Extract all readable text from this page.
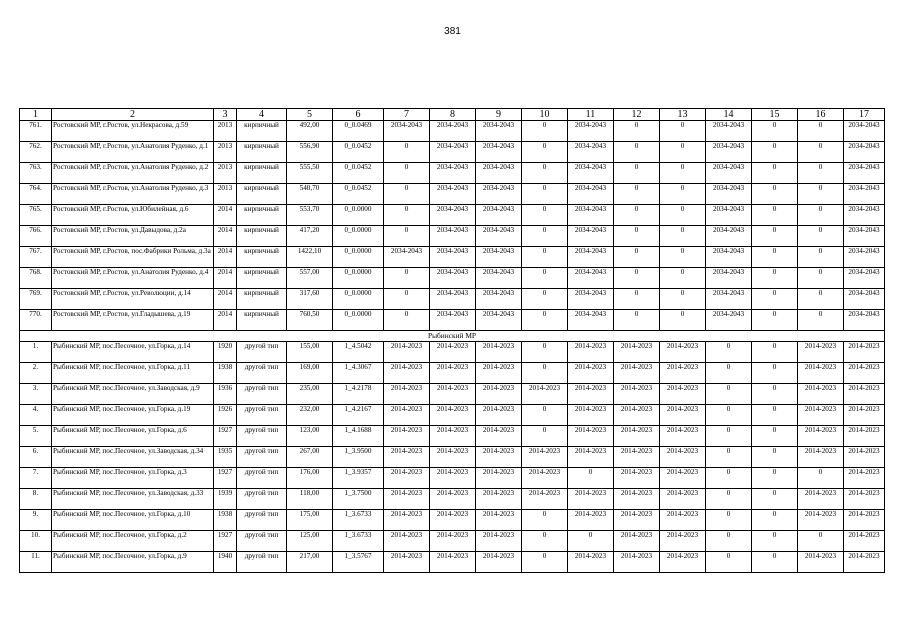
381
1	2	3	4	5	6	7	8	9	10	11	12	13	14	15	16	17
761.	Ростовский МР, г.Ростов, ул.Некрасова, д.59	2013	кирпичный	492,00	0_0.0469	2034-2043	2034-2043	2034-2043	0	2034-2043	0	0	2034-2043	0	0	2034-2043
762.	Ростовский МР, г.Ростов, ул.Анатолия Руденко, д.1	2013	кирпичный	556,90	0_0.0452	0	2034-2043	2034-2043	0	2034-2043	0	0	2034-2043	0	0	2034-2043
763.	Ростовский МР, г.Ростов, ул.Анатолия Руденко, д.2	2013	кирпичный	555,50	0_0.0452	0	2034-2043	2034-2043	0	2034-2043	0	0	2034-2043	0	0	2034-2043
764.	Ростовский МР, г.Ростов, ул.Анатолия Руденко, д.3	2013	кирпичный	540,70	0_0.0452	0	2034-2043	2034-2043	0	2034-2043	0	0	2034-2043	0	0	2034-2043
765.	Ростовский МР, г.Ростов, ул.Юбилейная, д.6	2014	кирпичный	553,70	0_0.0000	0	2034-2043	2034-2043	0	2034-2043	0	0	2034-2043	0	0	2034-2043
766.	Ростовский МР, г.Ростов, ул.Давыдова, д.2а	2014	кирпичный	417,20	0_0.0000	0	2034-2043	2034-2043	0	2034-2043	0	0	2034-2043	0	0	2034-2043
767.	Ростовский МР, г.Ростов, пос.Фабрики Рольма, д.3а	2014	кирпичный	1422,10	0_0.0000	2034-2043	2034-2043	2034-2043	0	2034-2043	0	0	2034-2043	0	0	2034-2043
768.	Ростовский МР, г.Ростов, ул.Анатолия Руденко, д.4	2014	кирпичный	557,00	0_0.0000	0	2034-2043	2034-2043	0	2034-2043	0	0	2034-2043	0	0	2034-2043
769.	Ростовский МР, г.Ростов, ул.Революции, д.14	2014	кирпичный	317,60	0_0.0000	0	2034-2043	2034-2043	0	2034-2043	0	0	2034-2043	0	0	2034-2043
770.	Ростовский МР, г.Ростов, ул.Гладышева, д.19	2014	кирпичный	760,50	0_0.0000	0	2034-2043	2034-2043	0	2034-2043	0	0	2034-2043	0	0	2034-2043
Рыбинский МР																
1.	Рыбинский МР, пос.Песочное, ул.Горка, д.14	1920	другой тип	155,00	1_4.5042	2014-2023	2014-2023	2014-2023	0	2014-2023	2014-2023	2014-2023	0	0	2014-2023	2014-2023
2.	Рыбинский МР, пос.Песочное, ул.Горка, д.11	1938	другой тип	169,00	1_4.3067	2014-2023	2014-2023	2014-2023	0	2014-2023	2014-2023	2014-2023	0	0	2014-2023	2014-2023
3.	Рыбинский МР, пос.Песочное, ул.Заводская, д.9	1936	другой тип	235,00	1_4.2178	2014-2023	2014-2023	2014-2023	2014-2023	2014-2023	2014-2023	2014-2023	0	0	2014-2023	2014-2023
4.	Рыбинский МР, пос.Песочное, ул.Горка, д.19	1926	другой тип	232,00	1_4.2167	2014-2023	2014-2023	2014-2023	0	2014-2023	2014-2023	2014-2023	0	0	2014-2023	2014-2023
5.	Рыбинский МР, пос.Песочное, ул.Горка, д.6	1927	другой тип	123,00	1_4.1688	2014-2023	2014-2023	2014-2023	0	2014-2023	2014-2023	2014-2023	0	0	2014-2023	2014-2023
6.	Рыбинский МР, пос.Песочное, ул.Заводская, д.34	1935	другой тип	267,00	1_3.9500	2014-2023	2014-2023	2014-2023	2014-2023	2014-2023	2014-2023	2014-2023	0	0	2014-2023	2014-2023
7.	Рыбинский МР, пос.Песочное, ул.Горка, д.3	1927	другой тип	176,00	1_3.9357	2014-2023	2014-2023	2014-2023	2014-2023	0	2014-2023	2014-2023	0	0	0	2014-2023
8.	Рыбинский МР, пос.Песочное, ул.Заводская, д.33	1939	другой тип	118,00	1_3.7500	2014-2023	2014-2023	2014-2023	2014-2023	2014-2023	2014-2023	2014-2023	0	0	2014-2023	2014-2023
9.	Рыбинский МР, пос.Песочное, ул.Горка, д.10	1938	другой тип	175,00	1_3.6733	2014-2023	2014-2023	2014-2023	0	2014-2023	2014-2023	2014-2023	0	0	2014-2023	2014-2023
10.	Рыбинский МР, пос.Песочное, ул.Горка, д.2	1927	другой тип	125,00	1_3.6733	2014-2023	2014-2023	2014-2023	0	0	2014-2023	2014-2023	0	0	0	2014-2023
11.	Рыбинский МР, пос.Песочное, ул.Горка, д.9	1940	другой тип	217,00	1_3.5767	2014-2023	2014-2023	2014-2023	0	2014-2023	2014-2023	2014-2023	0	0	2014-2023	2014-2023
